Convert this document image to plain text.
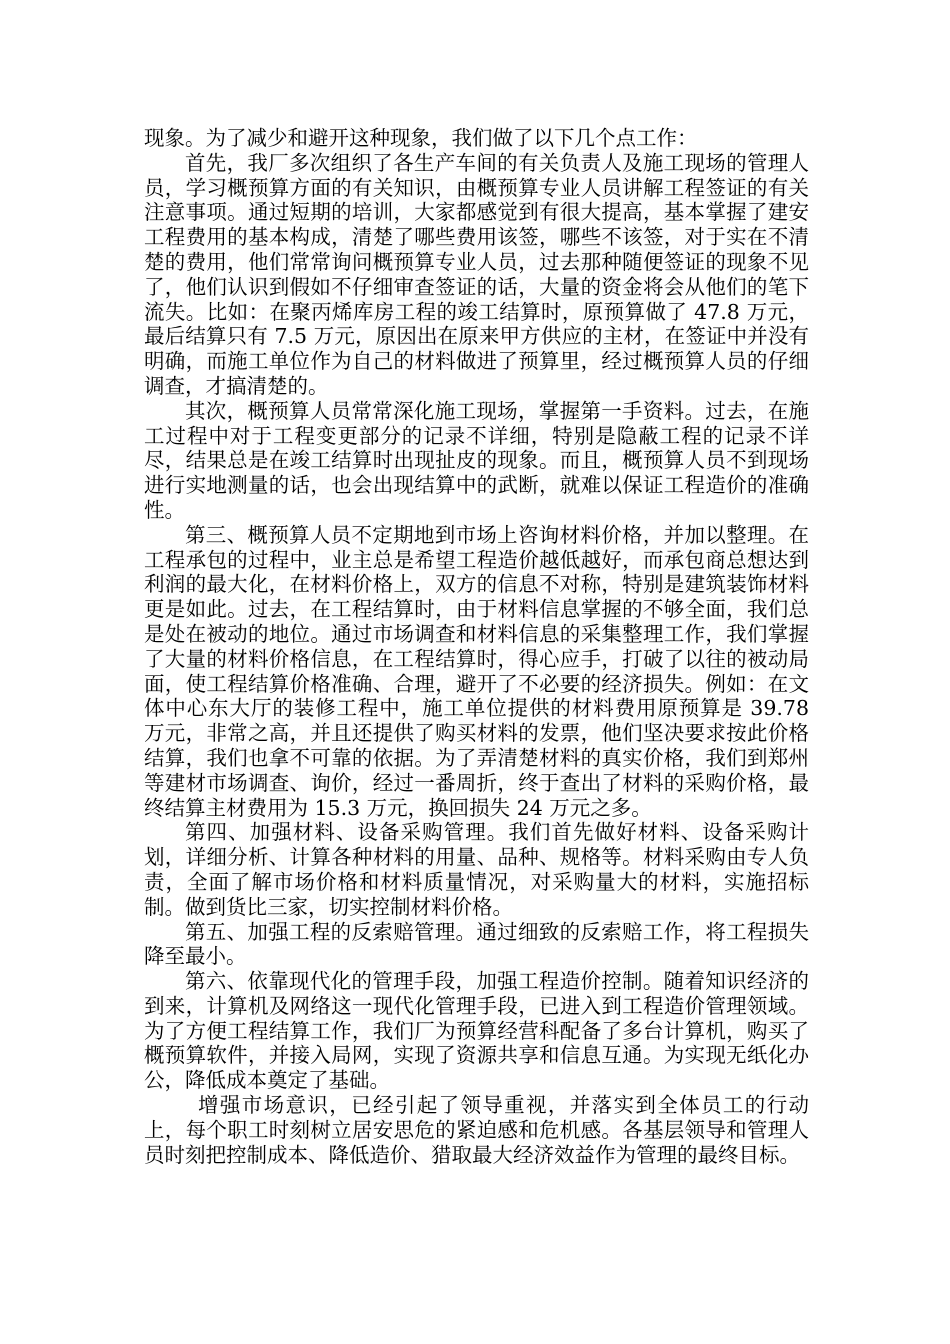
现象。为了减少和避开这种现象，我们做了以下几个点工作：

首先，我厂多次组织了各生产车间的有关负责人及施工现场的管理人员，学习概预算方面的有关知识，由概预算专业人员讲解工程签证的有关注意事项。通过短期的培训，大家都感觉到有很大提高，基本掌握了建安工程费用的基本构成，清楚了哪些费用该签，哪些不该签，对于实在不清楚的费用，他们常常询问概预算专业人员，过去那种随便签证的现象不见了，他们认识到假如不仔细审查签证的话，大量的资金将会从他们的笔下流失。比如：在聚丙烯库房工程的竣工结算时，原预算做了 47.8 万元，最后结算只有 7.5 万元，原因出在原来甲方供应的主材，在签证中并没有明确，而施工单位作为自己的材料做进了预算里，经过概预算人员的仔细调查，才搞清楚的。

其次，概预算人员常常深化施工现场，掌握第一手资料。过去，在施工过程中对于工程变更部分的记录不详细，特别是隐蔽工程的记录不详尽，结果总是在竣工结算时出现扯皮的现象。而且，概预算人员不到现场进行实地测量的话，也会出现结算中的武断，就难以保证工程造价的准确性。

第三、概预算人员不定期地到市场上咨询材料价格，并加以整理。在工程承包的过程中，业主总是希望工程造价越低越好，而承包商总想达到利润的最大化，在材料价格上，双方的信息不对称，特别是建筑装饰材料更是如此。过去，在工程结算时，由于材料信息掌握的不够全面，我们总是处在被动的地位。通过市场调查和材料信息的采集整理工作，我们掌握了大量的材料价格信息，在工程结算时，得心应手，打破了以往的被动局面，使工程结算价格准确、合理，避开了不必要的经济损失。例如：在文体中心东大厅的装修工程中，施工单位提供的材料费用原预算是 39.78 万元，非常之高，并且还提供了购买材料的发票，他们坚决要求按此价格结算，我们也拿不可靠的依据。为了弄清楚材料的真实价格，我们到郑州等建材市场调查、询价，经过一番周折，终于查出了材料的采购价格，最终结算主材费用为 15.3 万元，换回损失 24 万元之多。

第四、加强材料、设备采购管理。我们首先做好材料、设备采购计划，详细分析、计算各种材料的用量、品种、规格等。材料采购由专人负责，全面了解市场价格和材料质量情况，对采购量大的材料，实施招标制。做到货比三家，切实控制材料价格。

第五、加强工程的反索赔管理。通过细致的反索赔工作，将工程损失降至最小。

第六、依靠现代化的管理手段，加强工程造价控制。随着知识经济的到来，计算机及网络这一现代化管理手段，已进入到工程造价管理领域。为了方便工程结算工作，我们厂为预算经营科配备了多台计算机，购买了概预算软件，并接入局网，实现了资源共享和信息互通。为实现无纸化办公，降低成本奠定了基础。

增强市场意识，已经引起了领导重视，并落实到全体员工的行动上，每个职工时刻树立居安思危的紧迫感和危机感。各基层领导和管理人员时刻把控制成本、降低造价、猎取最大经济效益作为管理的最终目标。
